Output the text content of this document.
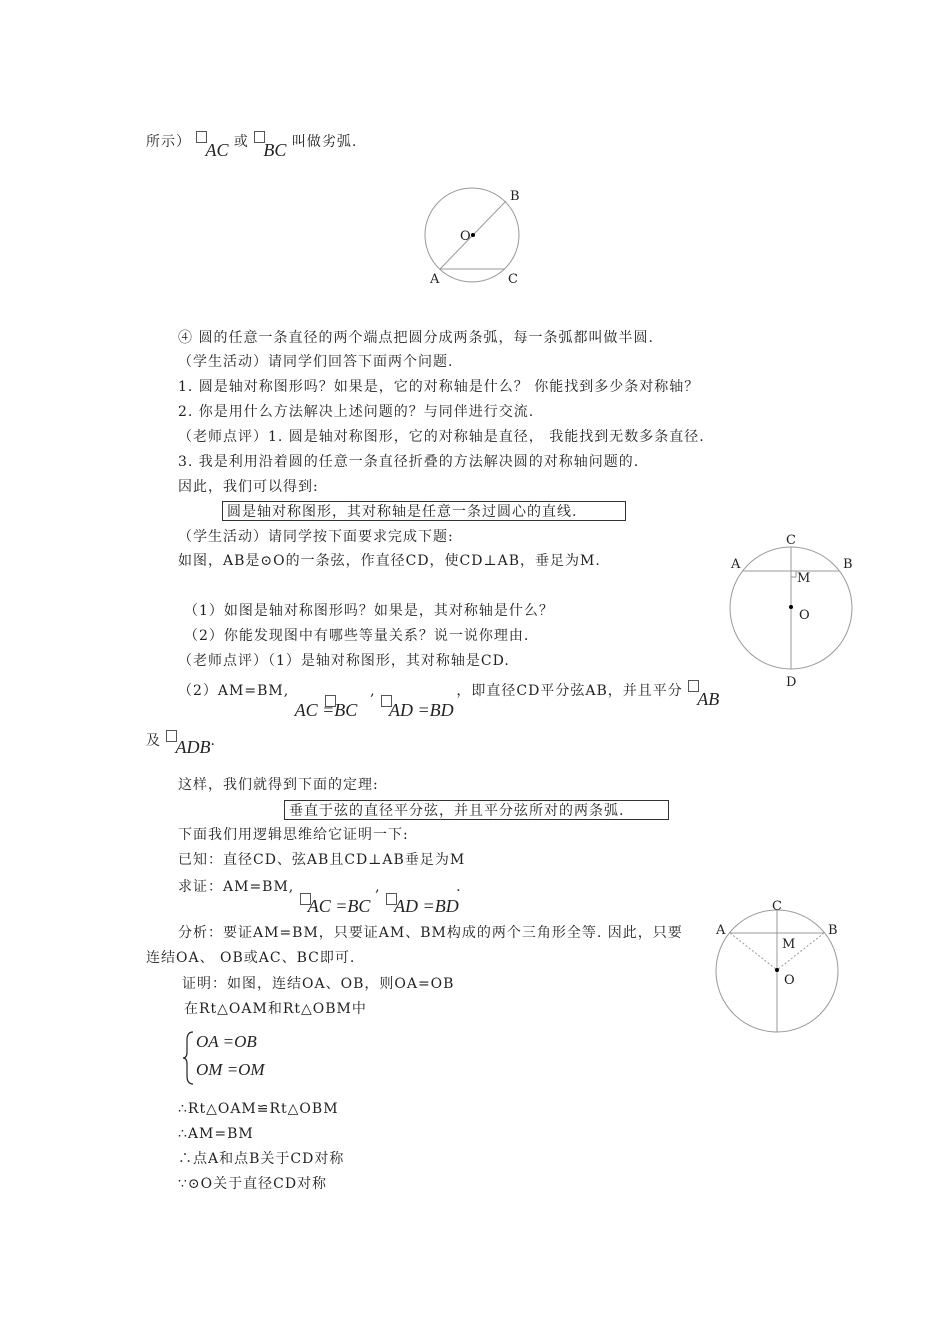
所示） AC 或 BC 叫做劣弧.
B
O
A	C
④ 圆的任意一条直径的两个端点把圆分成两条弧，每一条弧都叫做半圆.
（学生活动）请同学们回答下面两个问题.
1. 圆是轴对称图形吗？如果是，它的对称轴是什么？ 你能找到多少条对称轴？
2. 你是用什么方法解决上述问题的？与同伴进行交流.
（老师点评）1. 圆是轴对称图形，它的对称轴是直径， 我能找到无数多条直径.
3. 我是利用沿着圆的任意一条直径折叠的方法解决圆的对称轴问题的.
因此，我们可以得到:
圆是轴对称图形，其对称轴是任意一条过圆心的直线.
（学生活动）请同学按下面要求完成下题:
如图，AB是⊙O的一条弦，作直径CD，使CD⊥AB，垂足为M.
（1）如图是轴对称图形吗？如果是，其对称轴是什么？
（2）你能发现图中有哪些等量关系？说一说你理由.
（老师点评）（1）是轴对称图形，其对称轴是CD.
（2）AM=BM,
AC =BC
,
AD =BD
，即直径CD平分弦AB，并且平分 AB
及 ADB.
C
A	B
M
O
D
这样，我们就得到下面的定理:
垂直于弦的直径平分弦，并且平分弦所对的两条弧.
下面我们用逻辑思维给它证明一下:
已知：直径CD、弦AB且CD⊥AB垂足为M
求证：AM=BM,
AC =BC
,
AD =BD
.
分析：要证AM=BM，只要证AM、BM构成的两个三角形全等. 因此，只要
连结OA、 OB或AC、BC即可.
证明：如图，连结OA、OB，则OA=OB
在Rt△OAM和Rt△OBM中
C
A	B
M
O
OA =OB
OM =OM
∴Rt△OAM≌Rt△OBM
∴AM=BM
∴点A和点B关于CD对称
∵⊙O关于直径CD对称
